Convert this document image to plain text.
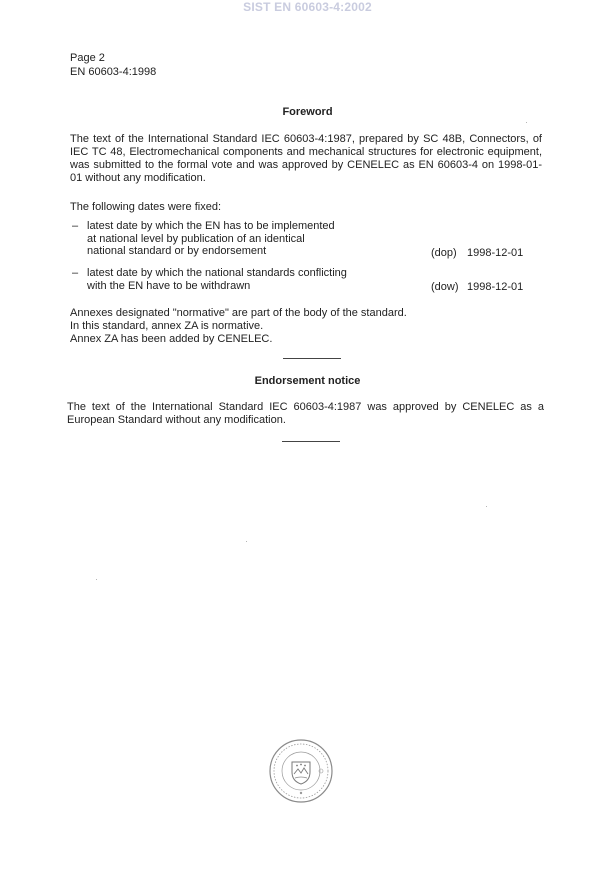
SIST EN 60603-4:2002
Page 2
EN 60603-4:1998
Foreword
The text of the International Standard IEC 60603-4:1987, prepared by SC 48B, Connectors, of IEC TC 48, Electromechanical components and mechanical structures for electronic equipment, was submitted to the formal vote and was approved by CENELEC as EN 60603-4 on 1998-01-01 without any modification.
The following dates were fixed:
– latest date by which the EN has to be implemented
at national level by publication of an identical
national standard or by endorsement	(dop) 1998-12-01
– latest date by which the national standards conflicting
with the EN have to be withdrawn	(dow) 1998-12-01
Annexes designated "normative" are part of the body of the standard.
In this standard, annex ZA is normative.
Annex ZA has been added by CENELEC.
Endorsement notice
The text of the International Standard IEC 60603-4:1987 was approved by CENELEC as a European Standard without any modification.
